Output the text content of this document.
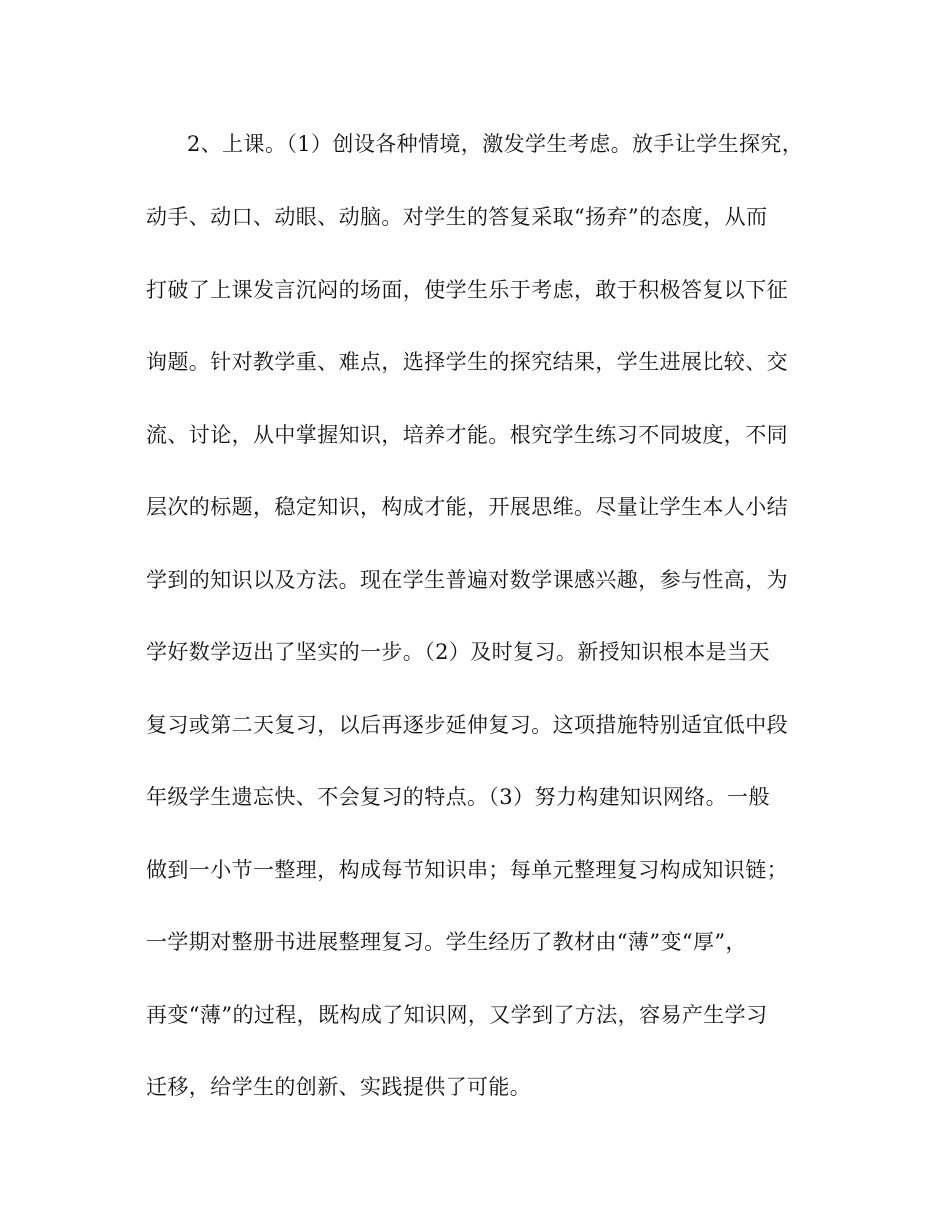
2、上课。（1）创设各种情境，激发学生考虑。放手让学生探究，

动手、动口、动眼、动脑。对学生的答复采取“扬弃”的态度，从而

打破了上课发言沉闷的场面，使学生乐于考虑，敢于积极答复以下征

询题。针对教学重、难点，选择学生的探究结果，学生进展比较、交

流、讨论，从中掌握知识，培养才能。根究学生练习不同坡度，不同

层次的标题，稳定知识，构成才能，开展思维。尽量让学生本人小结

学到的知识以及方法。现在学生普遍对数学课感兴趣，参与性高，为

学好数学迈出了坚实的一步。（2）及时复习。新授知识根本是当天

复习或第二天复习，以后再逐步延伸复习。这项措施特别适宜低中段

年级学生遗忘快、不会复习的特点。（3）努力构建知识网络。一般

做到一小节一整理，构成每节知识串；每单元整理复习构成知识链；

一学期对整册书进展整理复习。学生经历了教材由“薄”变“厚”，

再变“薄”的过程，既构成了知识网，又学到了方法，容易产生学习

迁移，给学生的创新、实践提供了可能。
